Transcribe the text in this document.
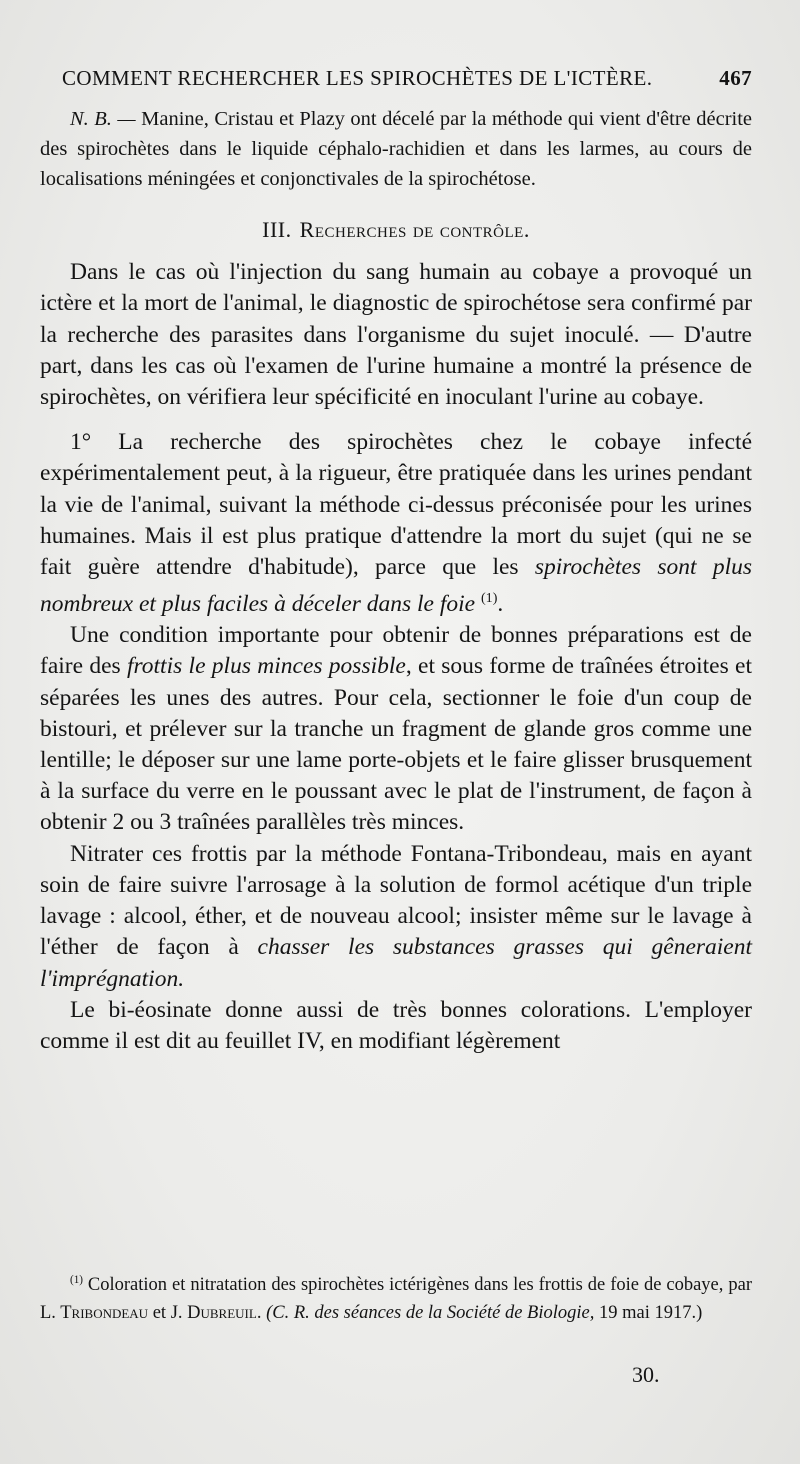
COMMENT RECHERCHER LES SPIROCHÈTES DE L'ICTÈRE.	467

N. B. — Manine, Cristau et Plazy ont décelé par la méthode qui vient d'être décrite des spirochètes dans le liquide céphalo-rachidien et dans les larmes, au cours de localisations méningées et conjonctivales de la spirochétose.

III. Recherches de contrôle.

Dans le cas où l'injection du sang humain au cobaye a provoqué un ictère et la mort de l'animal, le diagnostic de spirochétose sera confirmé par la recherche des parasites dans l'organisme du sujet inoculé. — D'autre part, dans les cas où l'examen de l'urine humaine a montré la présence de spirochètes, on vérifiera leur spécificité en inoculant l'urine au cobaye.

1° La recherche des spirochètes chez le cobaye infecté expérimentalement peut, à la rigueur, être pratiquée dans les urines pendant la vie de l'animal, suivant la méthode ci-dessus préconisée pour les urines humaines. Mais il est plus pratique d'attendre la mort du sujet (qui ne se fait guère attendre d'habitude), parce que les spirochètes sont plus nombreux et plus faciles à déceler dans le foie $^{(1)}$.

Une condition importante pour obtenir de bonnes préparations est de faire des frottis le plus minces possible, et sous forme de traînées étroites et séparées les unes des autres. Pour cela, sectionner le foie d'un coup de bistouri, et prélever sur la tranche un fragment de glande gros comme une lentille; le déposer sur une lame porte-objets et le faire glisser brusquement à la surface du verre en le poussant avec le plat de l'instrument, de façon à obtenir 2 ou 3 traînées parallèles très minces.

Nitrater ces frottis par la méthode Fontana-Tribondeau, mais en ayant soin de faire suivre l'arrosage à la solution de formol acétique d'un triple lavage : alcool, éther, et de nouveau alcool; insister même sur le lavage à l'éther de façon à chasser les substances grasses qui gêneraient l'imprégnation.

Le bi-éosinate donne aussi de très bonnes colorations. L'employer comme il est dit au feuillet IV, en modifiant légèrement

$^{(1)}$ Coloration et nitratation des spirochètes ictérigènes dans les frottis de foie de cobaye, par L. Tribondeau et J. Dubreuil. (C. R. des séances de la Société de Biologie, 19 mai 1917.)

30.
